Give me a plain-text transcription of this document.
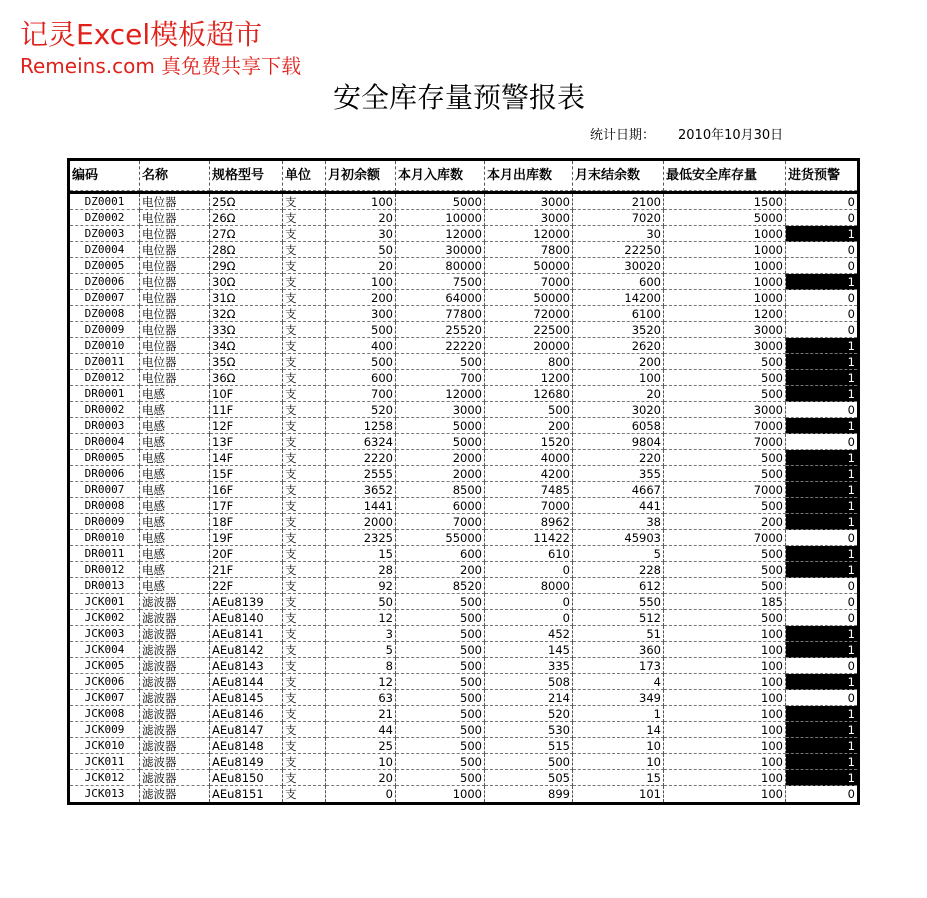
记灵Excel模板超市
Remeins.com 真免费共享下载
安全库存量预警报表
统计日期： 2010年10月30日
编码	名称	规格型号	单位	月初余额	本月入库数	本月出库数	月末结余数	最低安全库存量	进货预警
DZ0001	电位器	25Ω	支	100	5000	3000	2100	1500	0
DZ0002	电位器	26Ω	支	20	10000	3000	7020	5000	0
DZ0003	电位器	27Ω	支	30	12000	12000	30	1000	1
DZ0004	电位器	28Ω	支	50	30000	7800	22250	1000	0
DZ0005	电位器	29Ω	支	20	80000	50000	30020	1000	0
DZ0006	电位器	30Ω	支	100	7500	7000	600	1000	1
DZ0007	电位器	31Ω	支	200	64000	50000	14200	1000	0
DZ0008	电位器	32Ω	支	300	77800	72000	6100	1200	0
DZ0009	电位器	33Ω	支	500	25520	22500	3520	3000	0
DZ0010	电位器	34Ω	支	400	22220	20000	2620	3000	1
DZ0011	电位器	35Ω	支	500	500	800	200	500	1
DZ0012	电位器	36Ω	支	600	700	1200	100	500	1
DR0001	电感	10F	支	700	12000	12680	20	500	1
DR0002	电感	11F	支	520	3000	500	3020	3000	0
DR0003	电感	12F	支	1258	5000	200	6058	7000	1
DR0004	电感	13F	支	6324	5000	1520	9804	7000	0
DR0005	电感	14F	支	2220	2000	4000	220	500	1
DR0006	电感	15F	支	2555	2000	4200	355	500	1
DR0007	电感	16F	支	3652	8500	7485	4667	7000	1
DR0008	电感	17F	支	1441	6000	7000	441	500	1
DR0009	电感	18F	支	2000	7000	8962	38	200	1
DR0010	电感	19F	支	2325	55000	11422	45903	7000	0
DR0011	电感	20F	支	15	600	610	5	500	1
DR0012	电感	21F	支	28	200	0	228	500	1
DR0013	电感	22F	支	92	8520	8000	612	500	0
JCK001	滤波器	AEu8139	支	50	500	0	550	185	0
JCK002	滤波器	AEu8140	支	12	500	0	512	500	0
JCK003	滤波器	AEu8141	支	3	500	452	51	100	1
JCK004	滤波器	AEu8142	支	5	500	145	360	100	1
JCK005	滤波器	AEu8143	支	8	500	335	173	100	0
JCK006	滤波器	AEu8144	支	12	500	508	4	100	1
JCK007	滤波器	AEu8145	支	63	500	214	349	100	0
JCK008	滤波器	AEu8146	支	21	500	520	1	100	1
JCK009	滤波器	AEu8147	支	44	500	530	14	100	1
JCK010	滤波器	AEu8148	支	25	500	515	10	100	1
JCK011	滤波器	AEu8149	支	10	500	500	10	100	1
JCK012	滤波器	AEu8150	支	20	500	505	15	100	1
JCK013	滤波器	AEu8151	支	0	1000	899	101	100	0
